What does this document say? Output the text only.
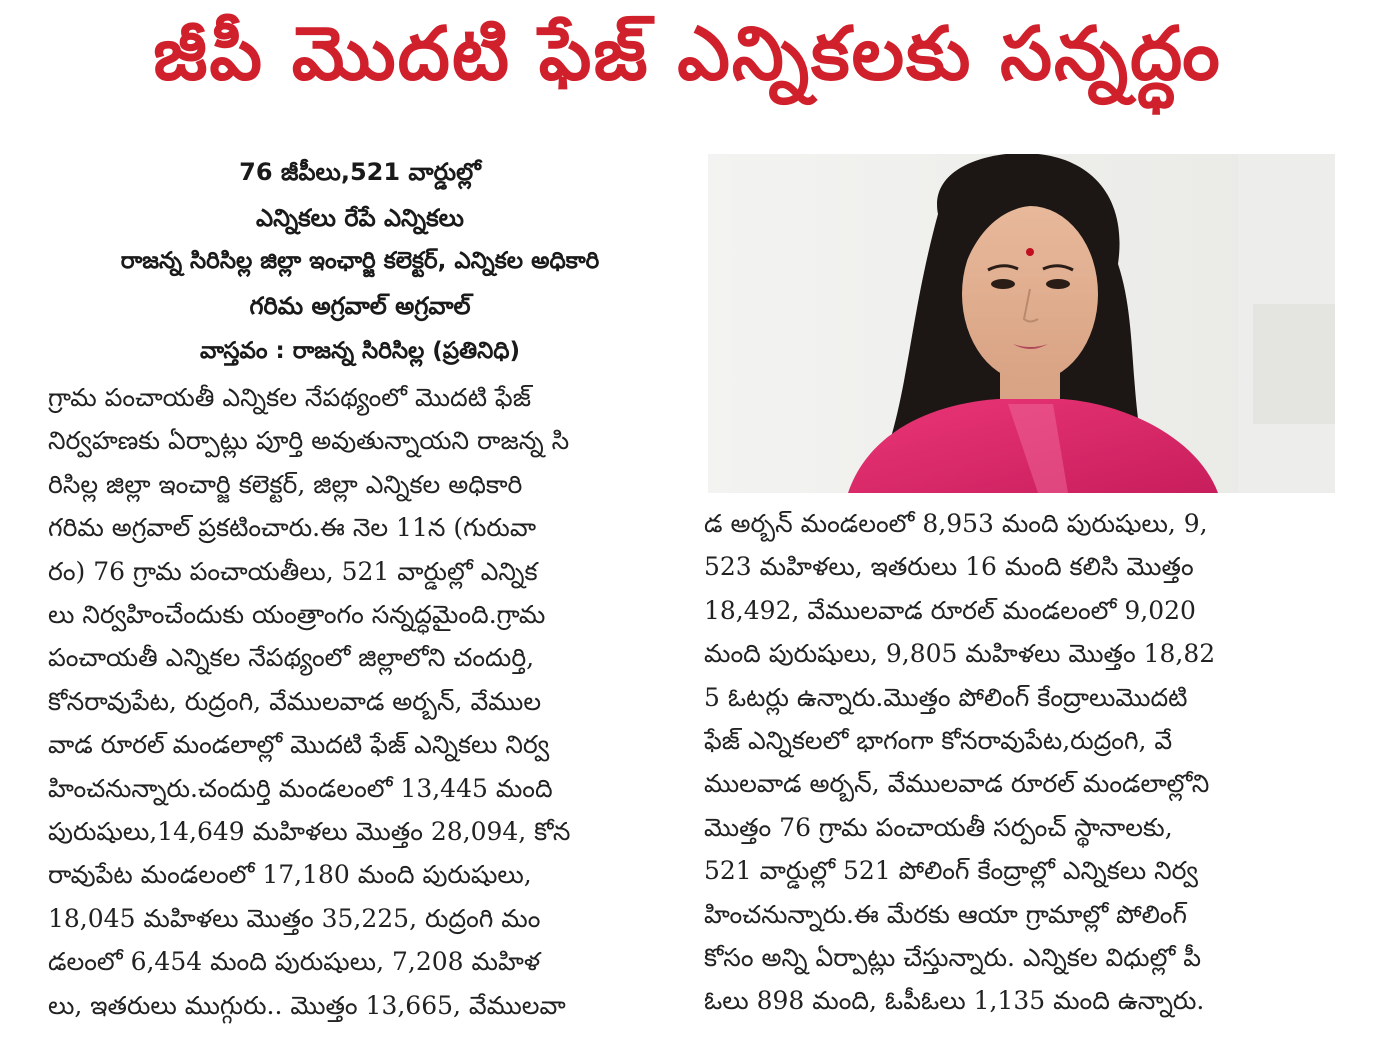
జీపీ మొదటి ఫేజ్ ఎన్నికలకు సన్నద్ధం
76 జీపీలు,521 వార్డుల్లో
ఎన్నికలు రేపే ఎన్నికలు
రాజన్న సిరిసిల్ల జిల్లా ఇంఛార్జి కలెక్టర్, ఎన్నికల అధికారి
గరిమ అగ్రవాల్ అగ్రవాల్
వాస్తవం : రాజన్న సిరిసిల్ల (ప్రతినిధి)
గ్రామ పంచాయతీ ఎన్నికల నేపథ్యంలో మొదటి ఫేజ్
నిర్వహణకు ఏర్పాట్లు పూర్తి అవుతున్నాయని రాజన్న సి
రిసిల్ల జిల్లా ఇంచార్జి కలెక్టర్, జిల్లా ఎన్నికల అధికారి
గరిమ అగ్రవాల్ ప్రకటించారు.ఈ నెల 11న (గురువా
రం) 76 గ్రామ పంచాయతీలు, 521 వార్డుల్లో ఎన్నిక
లు నిర్వహించేందుకు యంత్రాంగం సన్నద్ధమైంది.గ్రామ
పంచాయతీ ఎన్నికల నేపథ్యంలో జిల్లాలోని చందుర్తి,
కోనరావుపేట, రుద్రంగి, వేములవాడ అర్బన్, వేముల
వాడ రూరల్ మండలాల్లో మొదటి ఫేజ్ ఎన్నికలు నిర్వ
హించనున్నారు.చందుర్తి మండలంలో 13,445 మంది
పురుషులు,14,649 మహిళలు మొత్తం 28,094, కోన
రావుపేట మండలంలో 17,180 మంది పురుషులు,
18,045 మహిళలు మొత్తం 35,225, రుద్రంగి మం
డలంలో 6,454 మంది పురుషులు, 7,208 మహిళ
లు, ఇతరులు ముగ్గురు.. మొత్తం 13,665, వేములవా
డ అర్బన్ మండలంలో 8,953 మంది పురుషులు, 9,
523 మహిళలు, ఇతరులు 16 మంది కలిసి మొత్తం
18,492, వేములవాడ రూరల్ మండలంలో 9,020
మంది పురుషులు, 9,805 మహిళలు మొత్తం 18,82
5 ఓటర్లు ఉన్నారు.మొత్తం పోలింగ్ కేంద్రాలుమొదటి
ఫేజ్ ఎన్నికలలో భాగంగా కోనరావుపేట,రుద్రంగి, వే
ములవాడ అర్బన్, వేములవాడ రూరల్ మండలాల్లోని
మొత్తం 76 గ్రామ పంచాయతీ సర్పంచ్ స్థానాలకు,
521 వార్డుల్లో 521 పోలింగ్ కేంద్రాల్లో ఎన్నికలు నిర్వ
హించనున్నారు.ఈ మేరకు ఆయా గ్రామాల్లో పోలింగ్
కోసం అన్ని ఏర్పాట్లు చేస్తున్నారు. ఎన్నికల విధుల్లో పీ
ఓలు 898 మంది, ఓపీఓలు 1,135 మంది ఉన్నారు.
